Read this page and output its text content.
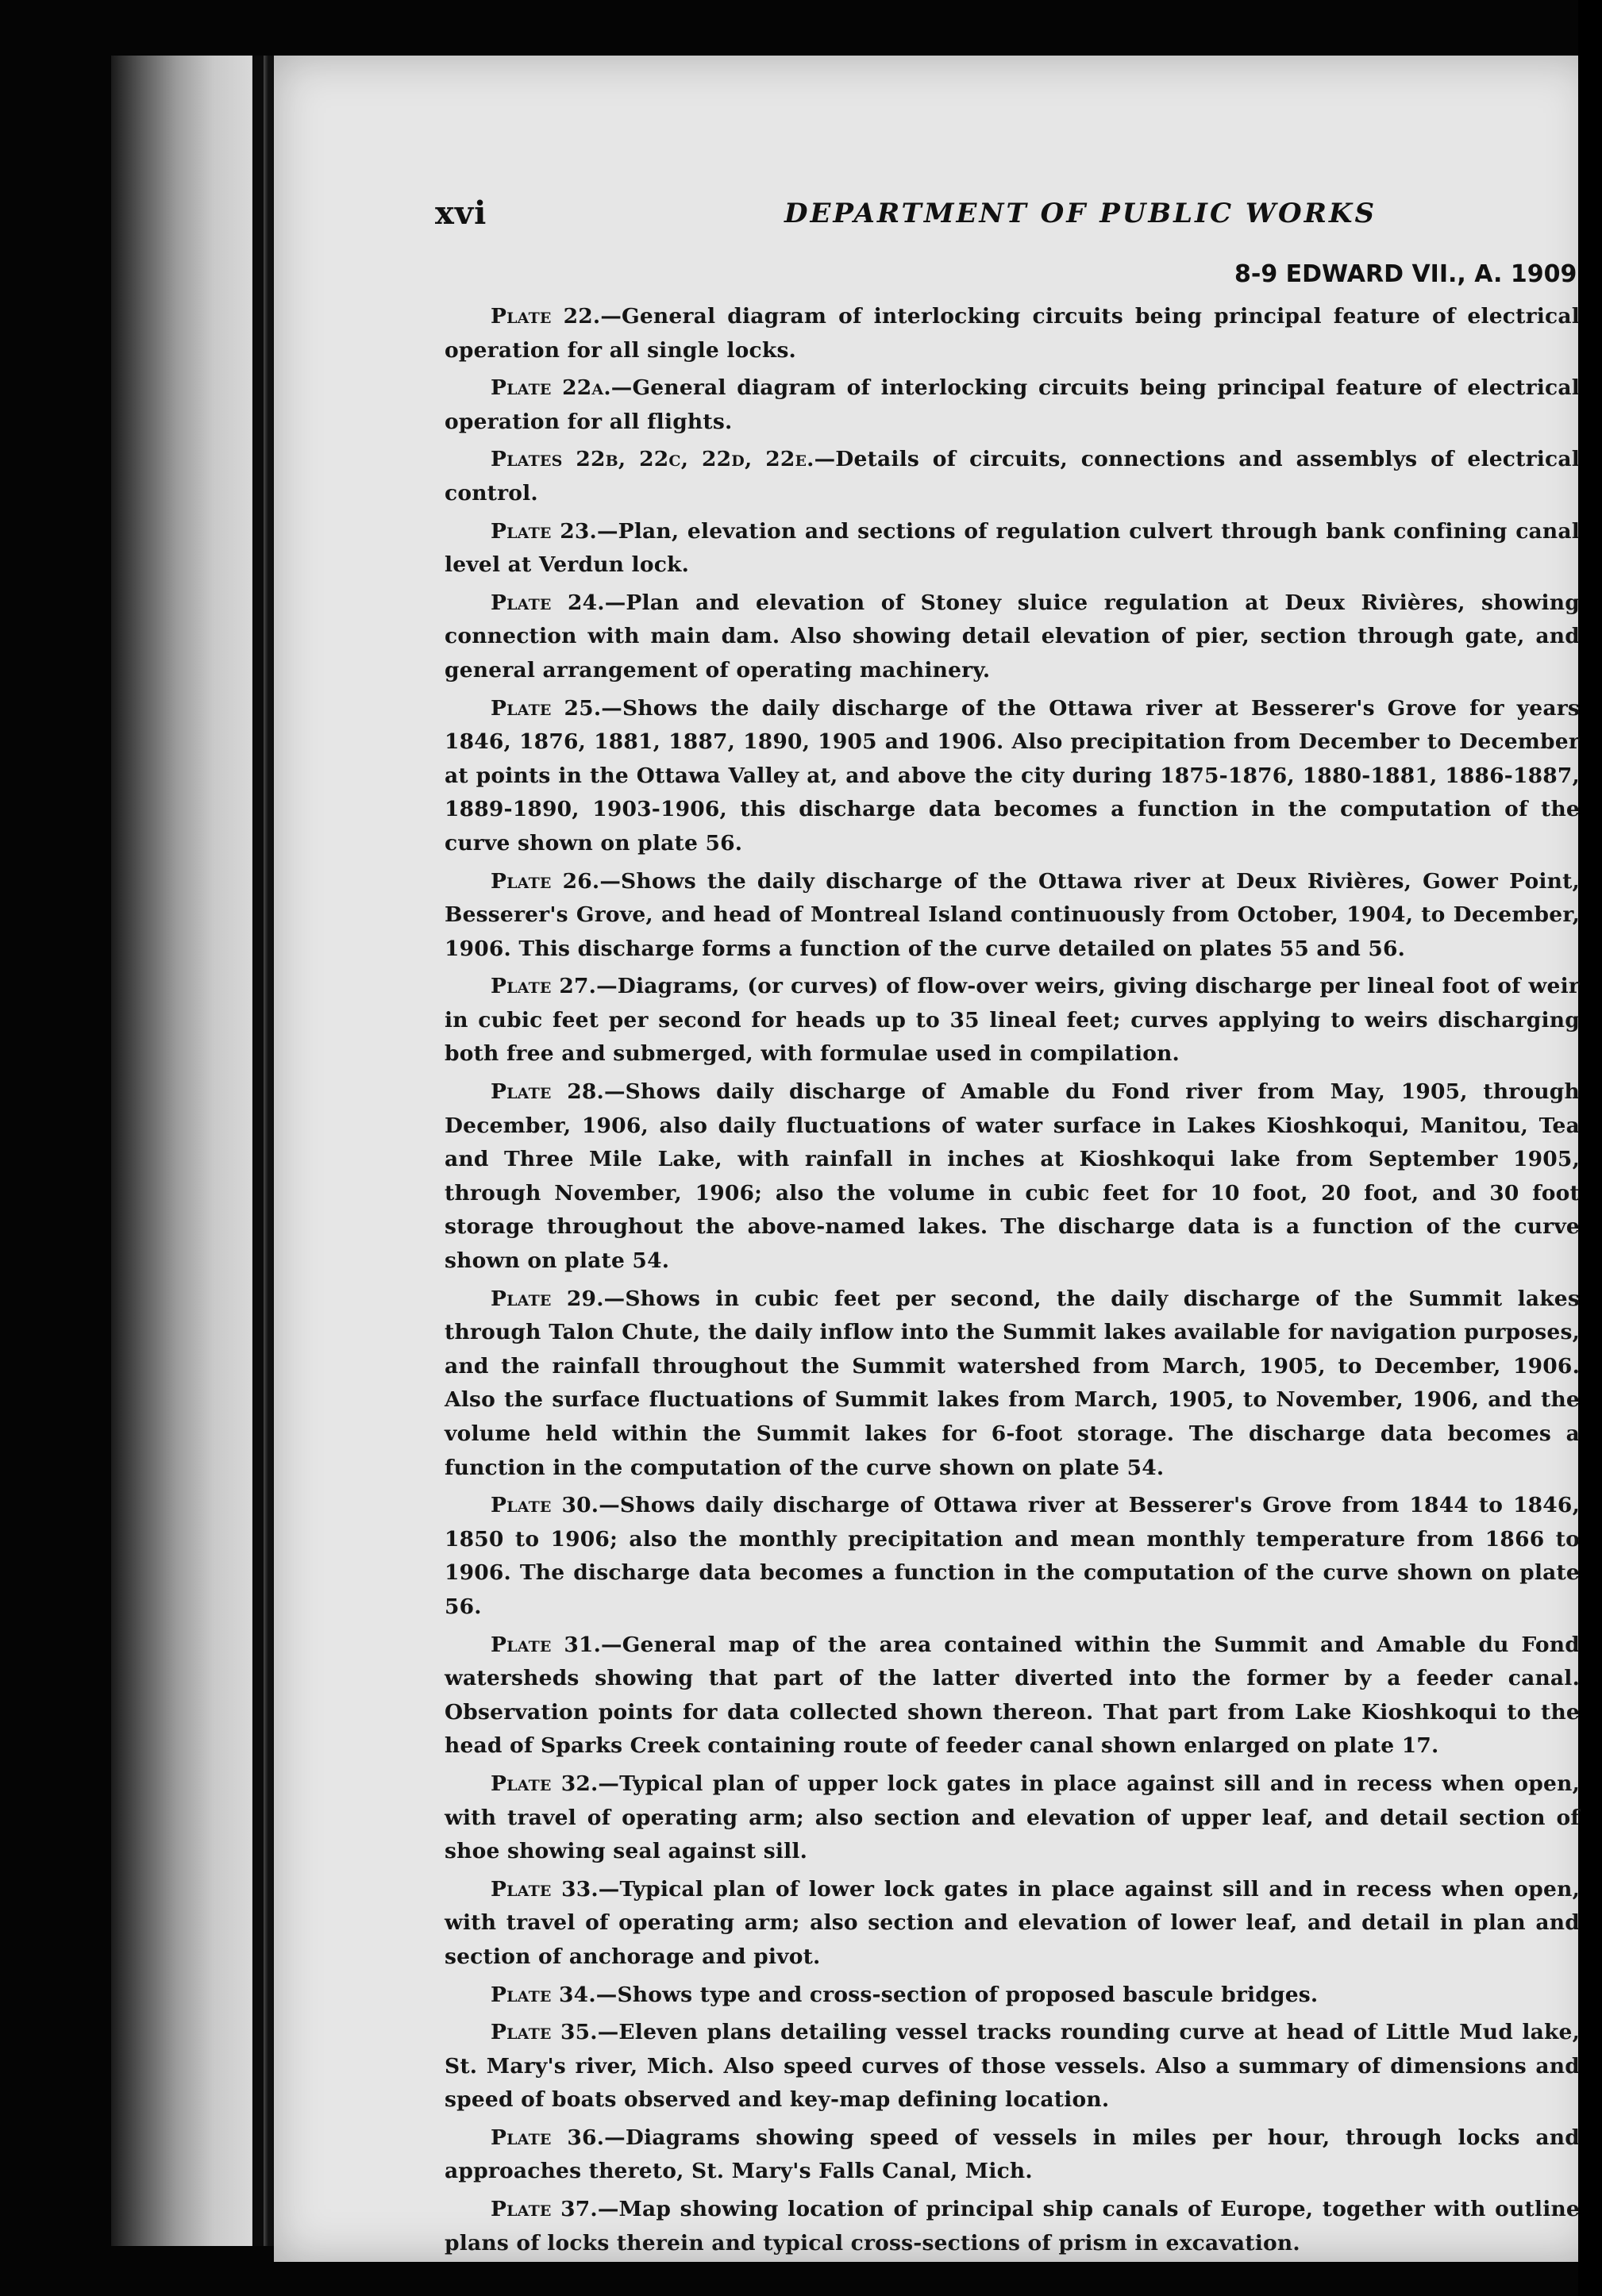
xvi	DEPARTMENT OF PUBLIC WORKS
8-9 EDWARD VII., A. 1909

Plate 22.—General diagram of interlocking circuits being principal feature of electrical operation for all single locks.

Plate 22a.—General diagram of interlocking circuits being principal feature of electrical operation for all flights.

Plates 22b, 22c, 22d, 22e.—Details of circuits, connections and assemblys of electrical control.

Plate 23.—Plan, elevation and sections of regulation culvert through bank confining canal level at Verdun lock.

Plate 24.—Plan and elevation of Stoney sluice regulation at Deux Rivières, showing connection with main dam. Also showing detail elevation of pier, section through gate, and general arrangement of operating machinery.

Plate 25.—Shows the daily discharge of the Ottawa river at Besserer's Grove for years 1846, 1876, 1881, 1887, 1890, 1905 and 1906. Also precipitation from December to December at points in the Ottawa Valley at, and above the city during 1875-1876, 1880-1881, 1886-1887, 1889-1890, 1903-1906, this discharge data becomes a function in the computation of the curve shown on plate 56.

Plate 26.—Shows the daily discharge of the Ottawa river at Deux Rivières, Gower Point, Besserer's Grove, and head of Montreal Island continuously from October, 1904, to December, 1906. This discharge forms a function of the curve detailed on plates 55 and 56.

Plate 27.—Diagrams, (or curves) of flow-over weirs, giving discharge per lineal foot of weir in cubic feet per second for heads up to 35 lineal feet; curves applying to weirs discharging both free and submerged, with formulae used in compilation.

Plate 28.—Shows daily discharge of Amable du Fond river from May, 1905, through December, 1906, also daily fluctuations of water surface in Lakes Kioshkoqui, Manitou, Tea and Three Mile Lake, with rainfall in inches at Kioshkoqui lake from September 1905, through November, 1906; also the volume in cubic feet for 10 foot, 20 foot, and 30 foot storage throughout the above-named lakes. The discharge data is a function of the curve shown on plate 54.

Plate 29.—Shows in cubic feet per second, the daily discharge of the Summit lakes through Talon Chute, the daily inflow into the Summit lakes available for navigation purposes, and the rainfall throughout the Summit watershed from March, 1905, to December, 1906. Also the surface fluctuations of Summit lakes from March, 1905, to November, 1906, and the volume held within the Summit lakes for 6-foot storage. The discharge data becomes a function in the computation of the curve shown on plate 54.

Plate 30.—Shows daily discharge of Ottawa river at Besserer's Grove from 1844 to 1846, 1850 to 1906; also the monthly precipitation and mean monthly temperature from 1866 to 1906. The discharge data becomes a function in the computation of the curve shown on plate 56.

Plate 31.—General map of the area contained within the Summit and Amable du Fond watersheds showing that part of the latter diverted into the former by a feeder canal. Observation points for data collected shown thereon. That part from Lake Kioshkoqui to the head of Sparks Creek containing route of feeder canal shown enlarged on plate 17.

Plate 32.—Typical plan of upper lock gates in place against sill and in recess when open, with travel of operating arm; also section and elevation of upper leaf, and detail section of shoe showing seal against sill.

Plate 33.—Typical plan of lower lock gates in place against sill and in recess when open, with travel of operating arm; also section and elevation of lower leaf, and detail in plan and section of anchorage and pivot.

Plate 34.—Shows type and cross-section of proposed bascule bridges.

Plate 35.—Eleven plans detailing vessel tracks rounding curve at head of Little Mud lake, St. Mary's river, Mich. Also speed curves of those vessels. Also a summary of dimensions and speed of boats observed and key-map defining location.

Plate 36.—Diagrams showing speed of vessels in miles per hour, through locks and approaches thereto, St. Mary's Falls Canal, Mich.

Plate 37.—Map showing location of principal ship canals of Europe, together with outline plans of locks therein and typical cross-sections of prism in excavation.
